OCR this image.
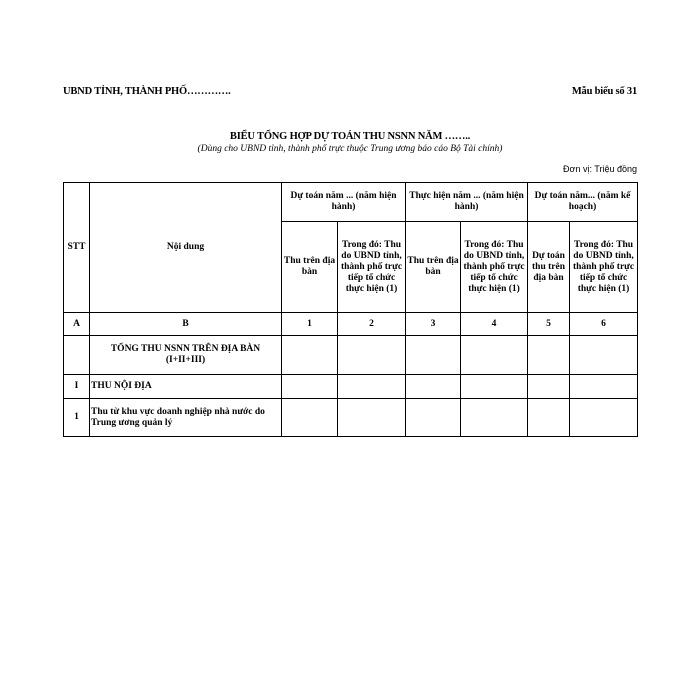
UBND TỈNH, THÀNH PHỐ………….	Mẫu biểu số 31
BIỂU TỔNG HỢP DỰ TOÁN THU NSNN NĂM ……..
(Dùng cho UBND tỉnh, thành phố trực thuộc Trung ương báo cáo Bộ Tài chính)
Đơn vị: Triệu đồng
STT	Nội dung	Dự toán năm ... (năm hiện hành)		Thực hiện năm ... (năm hiện hành)		Dự toán năm... (năm kế hoạch)	
		Thu trên địa bàn	Trong đó: Thu do UBND tỉnh, thành phố trực tiếp tổ chức thực hiện (1)	Thu trên địa bàn	Trong đó: Thu do UBND tỉnh, thành phố trực tiếp tổ chức thực hiện (1)	Dự toán thu trên địa bàn	Trong đó: Thu do UBND tỉnh, thành phố trực tiếp tổ chức thực hiện (1)
A	B	1	2	3	4	5	6
	TỔNG THU NSNN TRÊN ĐỊA BÀN (I+II+III)						
I	THU NỘI ĐỊA						
1	Thu từ khu vực doanh nghiệp nhà nước do Trung ương quản lý						
